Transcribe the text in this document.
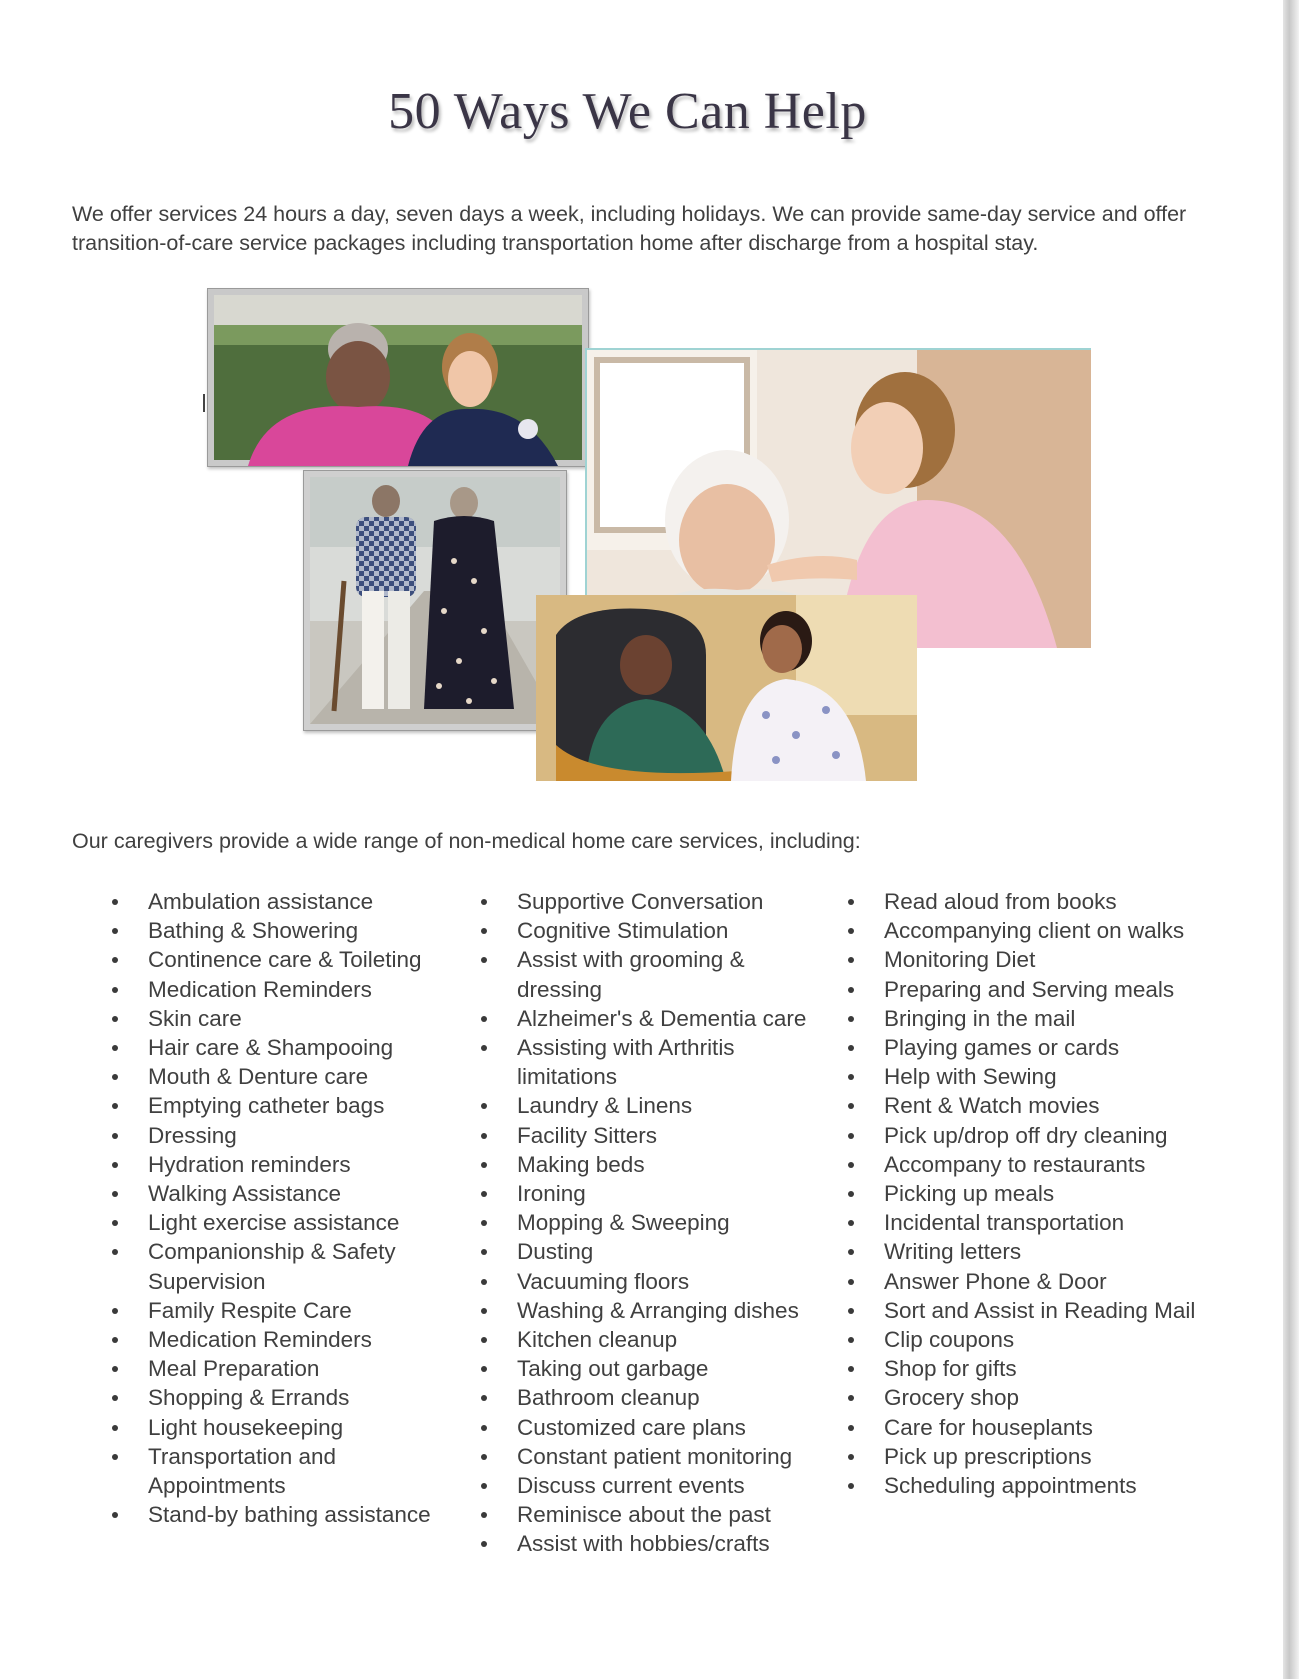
50 Ways We Can Help
We offer services 24 hours a day, seven days a week, including holidays. We can provide same-day service and offer transition-of-care service packages including transportation home after discharge from a hospital stay.
Our caregivers provide a wide range of non-medical home care services, including:
Ambulation assistance
Bathing & Showering
Continence care & Toileting
Medication Reminders
Skin care
Hair care & Shampooing
Mouth & Denture care
Emptying catheter bags
Dressing
Hydration reminders
Walking Assistance
Light exercise assistance
Companionship & Safety Supervision
Family Respite Care
Medication Reminders
Meal Preparation
Shopping & Errands
Light housekeeping
Transportation and Appointments
Stand-by bathing assistance
Supportive Conversation
Cognitive Stimulation
Assist with grooming & dressing
Alzheimer's & Dementia care
Assisting with Arthritis limitations
Laundry & Linens
Facility Sitters
Making beds
Ironing
Mopping & Sweeping
Dusting
Vacuuming floors
Washing & Arranging dishes
Kitchen cleanup
Taking out garbage
Bathroom cleanup
Customized care plans
Constant patient monitoring
Discuss current events
Reminisce about the past
Assist with hobbies/crafts
Read aloud from books
Accompanying client on walks
Monitoring Diet
Preparing and Serving meals
Bringing in the mail
Playing games or cards
Help with Sewing
Rent & Watch movies
Pick up/drop off dry cleaning
Accompany to restaurants
Picking up meals
Incidental transportation
Writing letters
Answer Phone & Door
Sort and Assist in Reading Mail
Clip coupons
Shop for gifts
Grocery shop
Care for houseplants
Pick up prescriptions
Scheduling appointments
